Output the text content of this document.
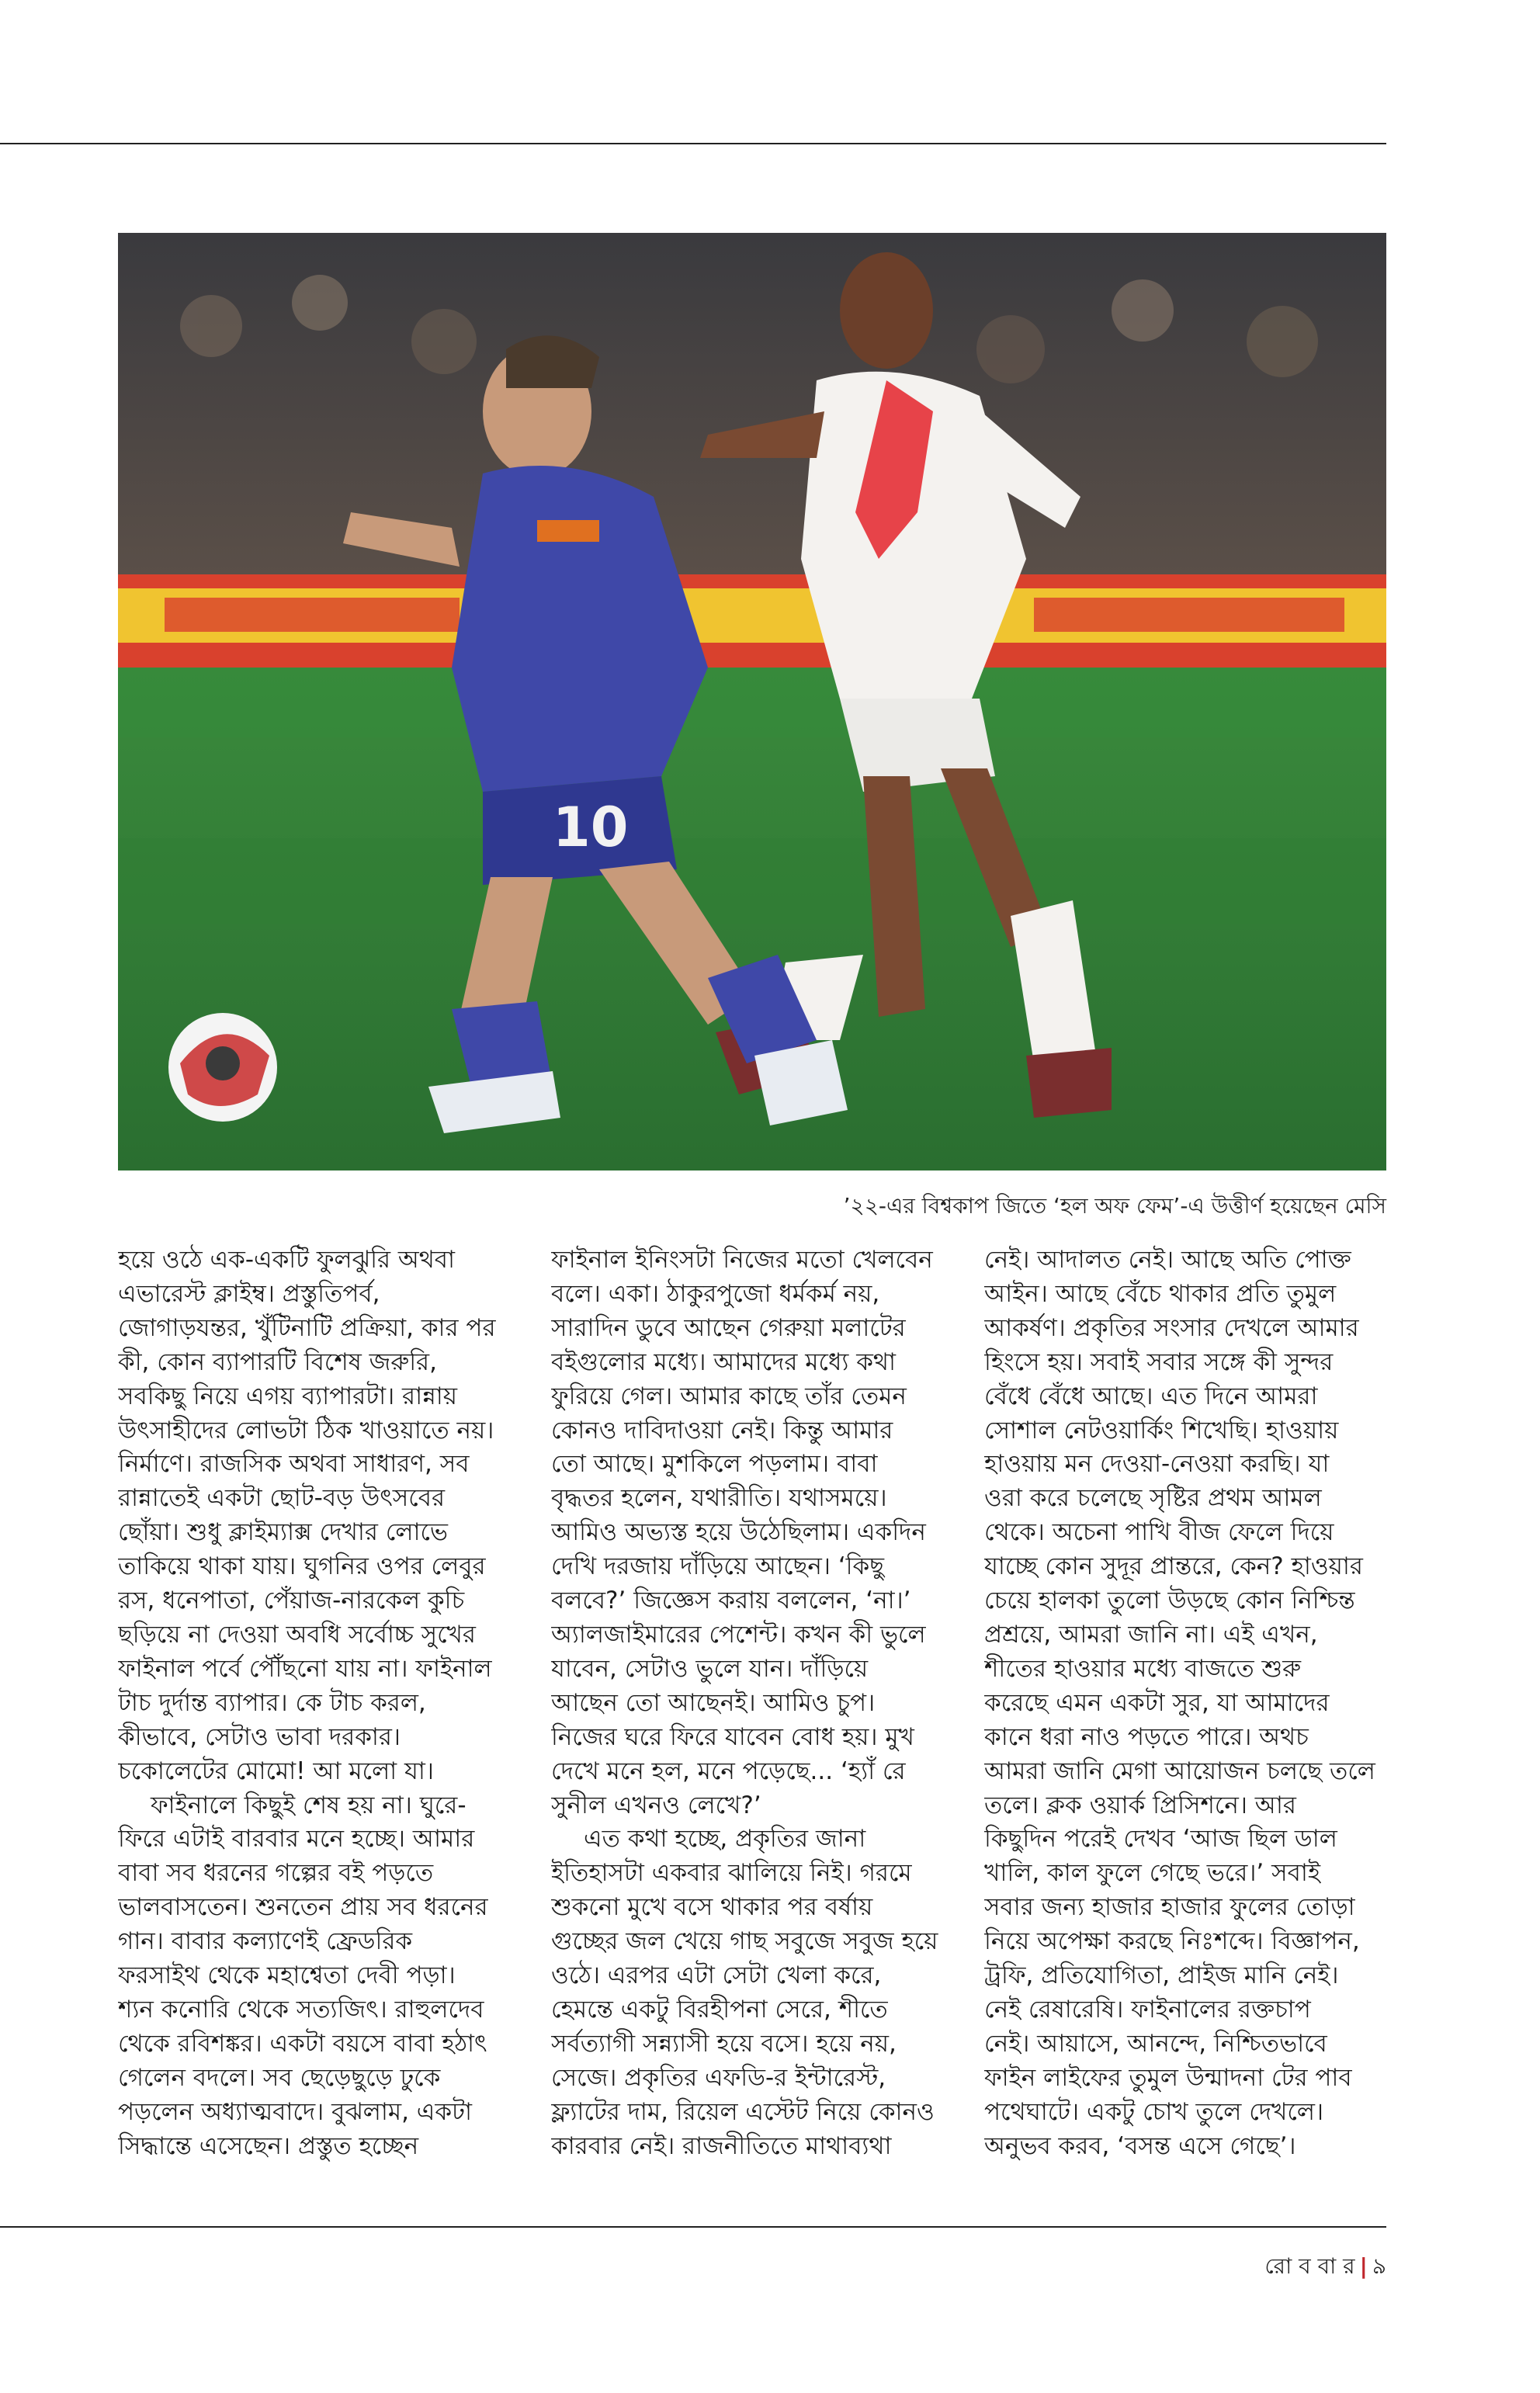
10
’২২-এর বিশ্বকাপ জিতে ‘হল অফ ফেম’-এ উত্তীর্ণ হয়েছেন মেসি
হয়ে ওঠে এক-একটি ফুলঝুরি অথবা
এভারেস্ট ক্লাইম্ব। প্রস্তুতিপর্ব,
জোগাড়যন্তর, খুঁটিনাটি প্রক্রিয়া, কার পর
কী, কোন ব্যাপারটি বিশেষ জরুরি,
সবকিছু নিয়ে এগয় ব্যাপারটা। রান্নায়
উৎসাহীদের লোভটা ঠিক খাওয়াতে নয়।
নির্মাণে। রাজসিক অথবা সাধারণ, সব
রান্নাতেই একটা ছোট-বড় উৎসবের
ছোঁয়া। শুধু ক্লাইম্যাক্স দেখার লোভে
তাকিয়ে থাকা যায়। ঘুগনির ওপর লেবুর
রস, ধনেপাতা, পেঁয়াজ-নারকেল কুচি
ছড়িয়ে না দেওয়া অবধি সর্বোচ্চ সুখের
ফাইনাল পর্বে পৌঁছনো যায় না। ফাইনাল
টাচ দুর্দান্ত ব্যাপার। কে টাচ করল,
কীভাবে, সেটাও ভাবা দরকার।
চকোলেটের মোমো! আ মলো যা।
ফাইনালে কিছুই শেষ হয় না। ঘুরে-
ফিরে এটাই বারবার মনে হচ্ছে। আমার
বাবা সব ধরনের গল্পের বই পড়তে
ভালবাসতেন। শুনতেন প্রায় সব ধরনের
গান। বাবার কল্যাণেই ফ্রেডরিক
ফরসাইথ থেকে মহাশ্বেতা দেবী পড়া।
শ্যন কনোরি থেকে সত্যজিৎ। রাহুলদেব
থেকে রবিশঙ্কর। একটা বয়সে বাবা হঠাৎ
গেলেন বদলে। সব ছেড়েছুড়ে ঢুকে
পড়লেন অধ্যাত্মবাদে। বুঝলাম, একটা
সিদ্ধান্তে এসেছেন। প্রস্তুত হচ্ছেন
ফাইনাল ইনিংসটা নিজের মতো খেলবেন
বলে। একা। ঠাকুরপুজো ধর্মকর্ম নয়,
সারাদিন ডুবে আছেন গেরুয়া মলাটের
বইগুলোর মধ্যে। আমাদের মধ্যে কথা
ফুরিয়ে গেল। আমার কাছে তাঁর তেমন
কোনও দাবিদাওয়া নেই। কিন্তু আমার
তো আছে। মুশকিলে পড়লাম। বাবা
বৃদ্ধতর হলেন, যথারীতি। যথাসময়ে।
আমিও অভ্যস্ত হয়ে উঠেছিলাম। একদিন
দেখি দরজায় দাঁড়িয়ে আছেন। ‘কিছু
বলবে?’ জিজ্ঞেস করায় বললেন, ‘না।’
অ্যালজাইমারের পেশেন্ট। কখন কী ভুলে
যাবেন, সেটাও ভুলে যান। দাঁড়িয়ে
আছেন তো আছেনই। আমিও চুপ।
নিজের ঘরে ফিরে যাবেন বোধ হয়। মুখ
দেখে মনে হল, মনে পড়েছে... ‘হ্যাঁ রে
সুনীল এখনও লেখে?’
এত কথা হচ্ছে, প্রকৃতির জানা
ইতিহাসটা একবার ঝালিয়ে নিই। গরমে
শুকনো মুখে বসে থাকার পর বর্ষায়
গুচ্ছের জল খেয়ে গাছ সবুজে সবুজ হয়ে
ওঠে। এরপর এটা সেটা খেলা করে,
হেমন্তে একটু বিরহীপনা সেরে, শীতে
সর্বত্যাগী সন্ন্যাসী হয়ে বসে। হয়ে নয়,
সেজে। প্রকৃতির এফডি-র ইন্টারেস্ট,
ফ্ল্যাটের দাম, রিয়েল এস্টেট নিয়ে কোনও
কারবার নেই। রাজনীতিতে মাথাব্যথা
নেই। আদালত নেই। আছে অতি পোক্ত
আইন। আছে বেঁচে থাকার প্রতি তুমুল
আকর্ষণ। প্রকৃতির সংসার দেখলে আমার
হিংসে হয়। সবাই সবার সঙ্গে কী সুন্দর
বেঁধে বেঁধে আছে। এত দিনে আমরা
সোশাল নেটওয়ার্কিং শিখেছি। হাওয়ায়
হাওয়ায় মন দেওয়া-নেওয়া করছি। যা
ওরা করে চলেছে সৃষ্টির প্রথম আমল
থেকে। অচেনা পাখি বীজ ফেলে দিয়ে
যাচ্ছে কোন সুদূর প্রান্তরে, কেন? হাওয়ার
চেয়ে হালকা তুলো উড়ছে কোন নিশ্চিন্ত
প্রশ্রয়ে, আমরা জানি না। এই এখন,
শীতের হাওয়ার মধ্যে বাজতে শুরু
করেছে এমন একটা সুর, যা আমাদের
কানে ধরা নাও পড়তে পারে। অথচ
আমরা জানি মেগা আয়োজন চলছে তলে
তলে। ক্লক ওয়ার্ক প্রিসিশনে। আর
কিছুদিন পরেই দেখব ‘আজ ছিল ডাল
খালি, কাল ফুলে গেছে ভরে।’ সবাই
সবার জন্য হাজার হাজার ফুলের তোড়া
নিয়ে অপেক্ষা করছে নিঃশব্দে। বিজ্ঞাপন,
ট্রফি, প্রতিযোগিতা, প্রাইজ মানি নেই।
নেই রেষারেষি। ফাইনালের রক্তচাপ
নেই। আয়াসে, আনন্দে, নিশ্চিতভাবে
ফাইন লাইফের তুমুল উন্মাদনা টের পাব
পথেঘাটে। একটু চোখ তুলে দেখলে।
অনুভব করব, ‘বসন্ত এসে গেছে’।
রো ব বা র | ৯
